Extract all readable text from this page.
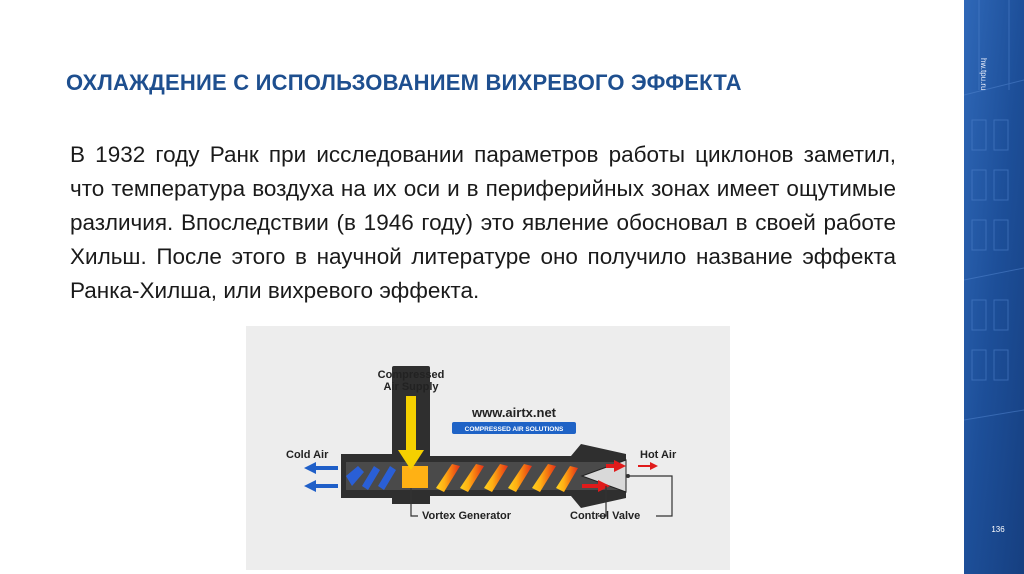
ОХЛАЖДЕНИЕ С ИСПОЛЬЗОВАНИЕМ ВИХРЕВОГО ЭФФЕКТА

В 1932 году Ранк при исследовании параметров работы циклонов заметил, что температура воздуха на их оси и в периферийных зонах имеет ощутимые различия. Впоследствии (в 1946 году) это явление обосновал в своей работе Хильш. После этого в научной литературе оно получило название эффекта Ранка-Хилша, или вихревого эффекта.

hw.tpu.ru
136
Compressed
Air Supply
www.airtx.net
COMPRESSED AIR SOLUTIONS
Cold Air	Hot Air
Vortex Generator	Control Valve
